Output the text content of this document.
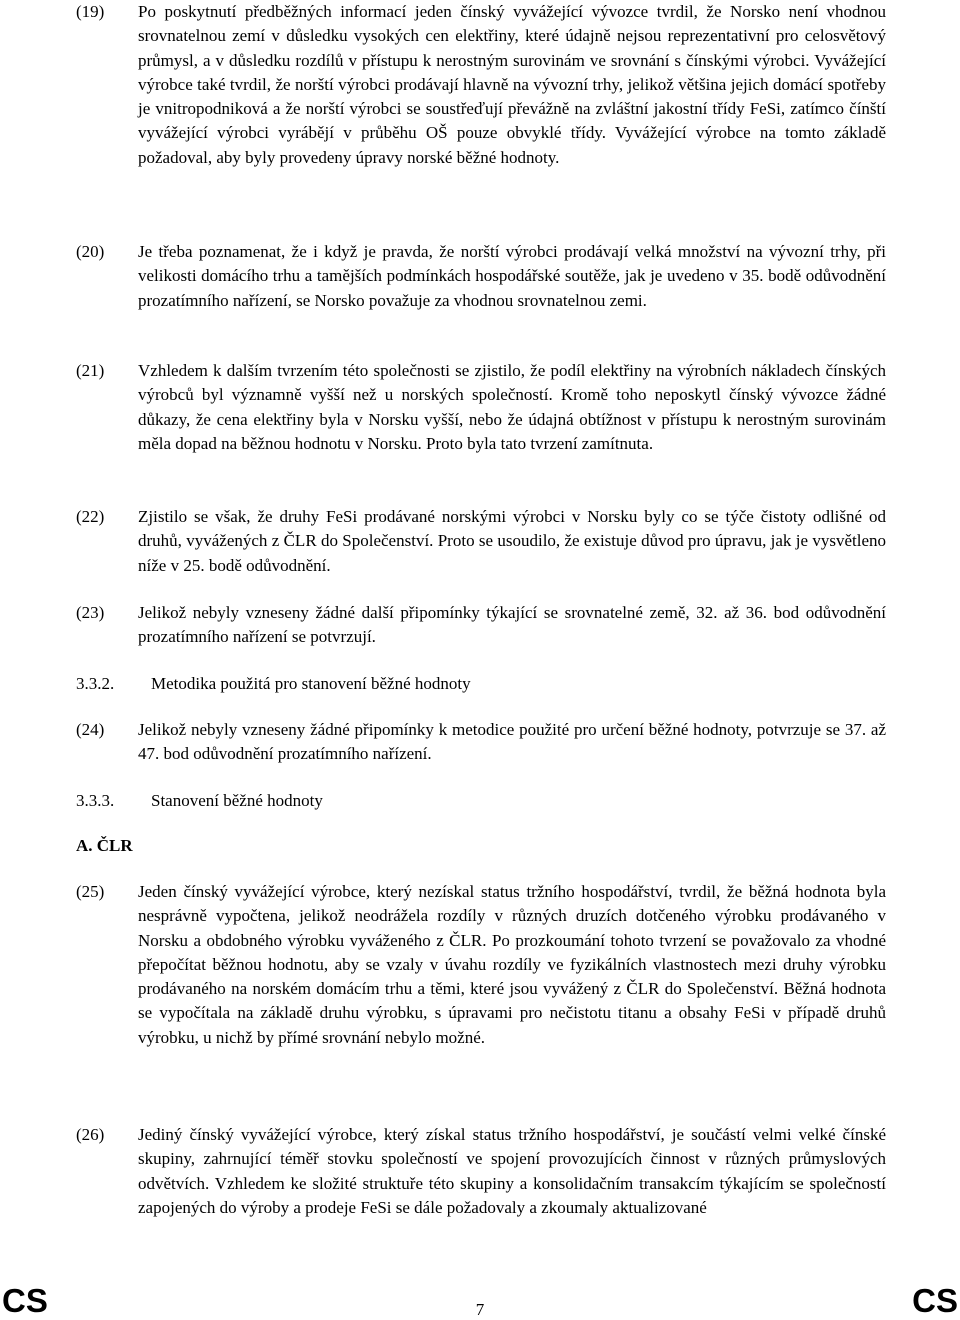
(19)	Po poskytnutí předběžných informací jeden čínský vyvážející vývozce tvrdil, že Norsko není vhodnou srovnatelnou zemí v důsledku vysokých cen elektřiny, které údajně nejsou reprezentativní pro celosvětový průmysl, a v důsledku rozdílů v přístupu k nerostným surovinám ve srovnání s čínskými výrobci. Vyvážející výrobce také tvrdil, že norští výrobci prodávají hlavně na vývozní trhy, jelikož většina jejich domácí spotřeby je vnitropodniková a že norští výrobci se soustřeďují převážně na zvláštní jakostní třídy FeSi, zatímco čínští vyvážející výrobci vyrábějí v průběhu OŠ pouze obvyklé třídy. Vyvážející výrobce na tomto základě požadoval, aby byly provedeny úpravy norské běžné hodnoty.
(20)	Je třeba poznamenat, že i když je pravda, že norští výrobci prodávají velká množství na vývozní trhy, při velikosti domácího trhu a tamějších podmínkách hospodářské soutěže, jak je uvedeno v 35. bodě odůvodnění prozatímního nařízení, se Norsko považuje za vhodnou srovnatelnou zemi.
(21)	Vzhledem k dalším tvrzením této společnosti se zjistilo, že podíl elektřiny na výrobních nákladech čínských výrobců byl významně vyšší než u norských společností. Kromě toho neposkytl čínský vývozce žádné důkazy, že cena elektřiny byla v Norsku vyšší, nebo že údajná obtížnost v přístupu k nerostným surovinám měla dopad na běžnou hodnotu v Norsku. Proto byla tato tvrzení zamítnuta.
(22)	Zjistilo se však, že druhy FeSi prodávané norskými výrobci v Norsku byly co se týče čistoty odlišné od druhů, vyvážených z ČLR do Společenství. Proto se usoudilo, že existuje důvod pro úpravu, jak je vysvětleno níže v 25. bodě odůvodnění.
(23)	Jelikož nebyly vzneseny žádné další připomínky týkající se srovnatelné země, 32. až 36. bod odůvodnění prozatímního nařízení se potvrzují.
3.3.2. Metodika použitá pro stanovení běžné hodnoty
(24)	Jelikož nebyly vzneseny žádné připomínky k metodice použité pro určení běžné hodnoty, potvrzuje se 37. až 47. bod odůvodnění prozatímního nařízení.
3.3.3. Stanovení běžné hodnoty
A. ČLR
(25)	Jeden čínský vyvážející výrobce, který nezískal status tržního hospodářství, tvrdil, že běžná hodnota byla nesprávně vypočtena, jelikož neodrážela rozdíly v různých druzích dotčeného výrobku prodávaného v Norsku a obdobného výrobku vyváženého z ČLR. Po prozkoumání tohoto tvrzení se považovalo za vhodné přepočítat běžnou hodnotu, aby se vzaly v úvahu rozdíly ve fyzikálních vlastnostech mezi druhy výrobku prodávaného na norském domácím trhu a těmi, které jsou vyvážený z ČLR do Společenství. Běžná hodnota se vypočítala na základě druhu výrobku, s úpravami pro nečistotu titanu a obsahy FeSi v případě druhů výrobku, u nichž by přímé srovnání nebylo možné.
(26)	Jediný čínský vyvážející výrobce, který získal status tržního hospodářství, je součástí velmi velké čínské skupiny, zahrnující téměř stovku společností ve spojení provozujících činnost v různých průmyslových odvětvích. Vzhledem ke složité struktuře této skupiny a konsolidačním transakcím týkajícím se společností zapojených do výroby a prodeje FeSi se dále požadovaly a zkoumaly aktualizované
CS	7	CS
